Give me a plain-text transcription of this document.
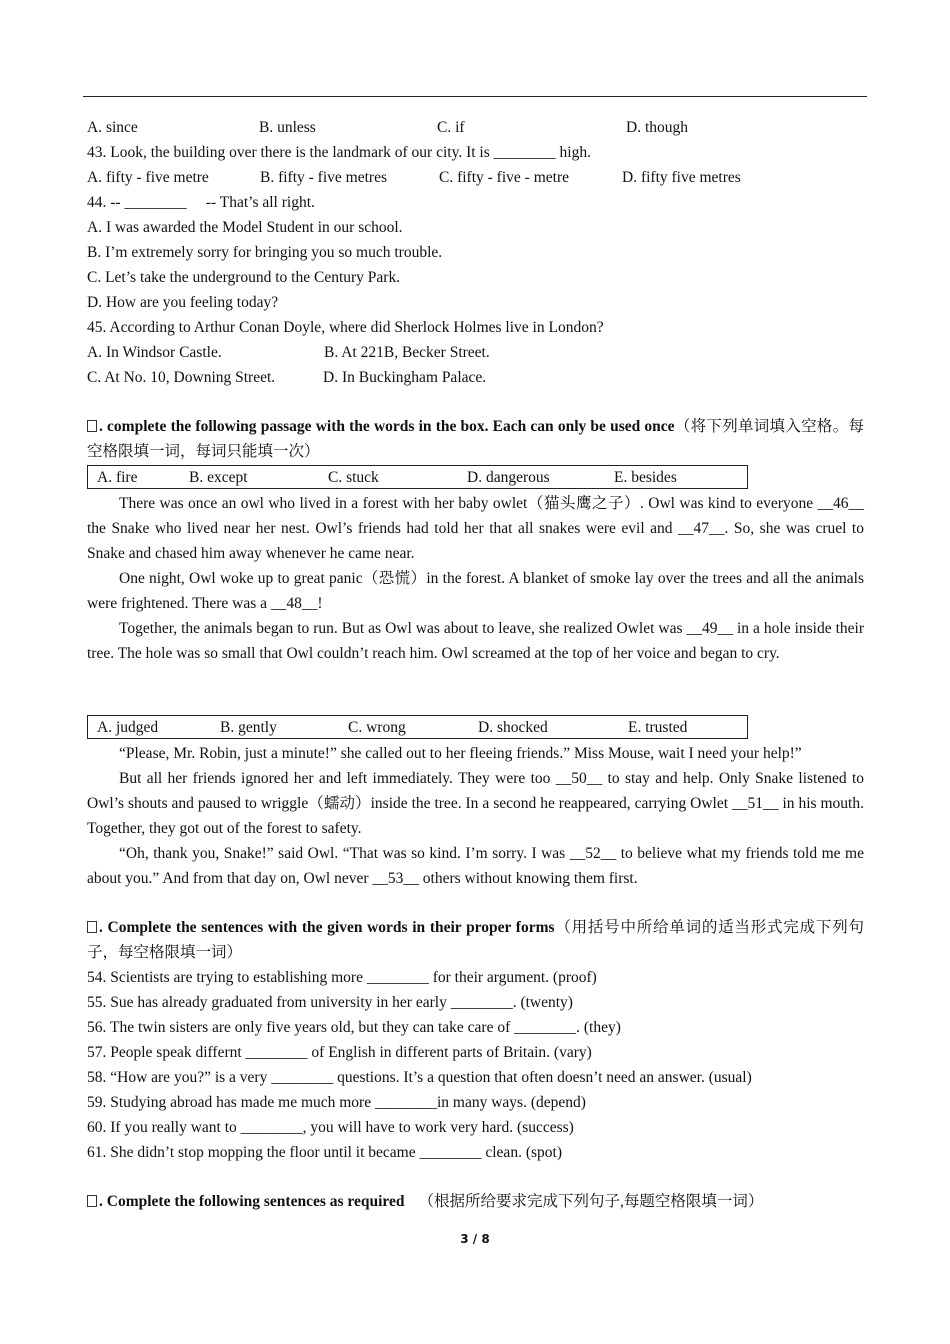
A. since	B. unless	C. if	D. though
43. Look, the building over there is the landmark of our city. It is ________ high.
A. fifty - five metre	B. fifty - five metres	C. fifty - five - metre	D. fifty five metres
44. -- ________     -- That’s all right.
A. I was awarded the Model Student in our school.
B. I’m extremely sorry for bringing you so much trouble.
C. Let’s take the underground to the Century Park.
D. How are you feeling today?
45. According to Arthur Conan Doyle, where did Sherlock Holmes live in London?
A. In Windsor Castle.	B. At 221B, Becker Street.
C. At No. 10, Downing Street.	D. In Buckingham Palace.
. complete the following passage with the words in the box. Each can only be used once（将下列单词填入空格。每空格限填一词，每词只能填一次）
A. fire	B. except	C. stuck	D. dangerous	E. besides
There was once an owl who lived in a forest with her baby owlet（猫头鹰之子）. Owl was kind to everyone __46__ the Snake who lived near her nest. Owl’s friends had told her that all snakes were evil and __47__. So, she was cruel to Snake and chased him away whenever he came near.
One night, Owl woke up to great panic（恐慌）in the forest. A blanket of smoke lay over the trees and all the animals were frightened. There was a __48__!
Together, the animals began to run. But as Owl was about to leave, she realized Owlet was __49__ in a hole inside their tree. The hole was so small that Owl couldn’t reach him. Owl screamed at the top of her voice and began to cry.
A. judged	B. gently	C. wrong	D. shocked	E. trusted
“Please, Mr. Robin, just a minute!” she called out to her fleeing friends.” Miss Mouse, wait I need your help!”
But all her friends ignored her and left immediately. They were too __50__ to stay and help. Only Snake listened to Owl’s shouts and paused to wriggle（蠕动）inside the tree. In a second he reappeared, carrying Owlet __51__ in his mouth. Together, they got out of the forest to safety.
“Oh, thank you, Snake!” said Owl. “That was so kind. I’m sorry. I was __52__ to believe what my friends told me me about you.” And from that day on, Owl never __53__ others without knowing them first.
. Complete the sentences with the given words in their proper forms（用括号中所给单词的适当形式完成下列句子，每空格限填一词）
54. Scientists are trying to establishing more ________ for their argument. (proof)
55. Sue has already graduated from university in her early ________. (twenty)
56. The twin sisters are only five years old, but they can take care of ________. (they)
57. People speak differnt ________ of English in different parts of Britain. (vary)
58. “How are you?” is a very ________ questions. It’s a question that often doesn’t need an answer. (usual)
59. Studying abroad has made me much more ________in many ways. (depend)
60. If you really want to ________, you will have to work very hard. (success)
61. She didn’t stop mopping the floor until it became ________ clean. (spot)
. Complete the following sentences as required （根据所给要求完成下列句子,每题空格限填一词）
3 / 8
